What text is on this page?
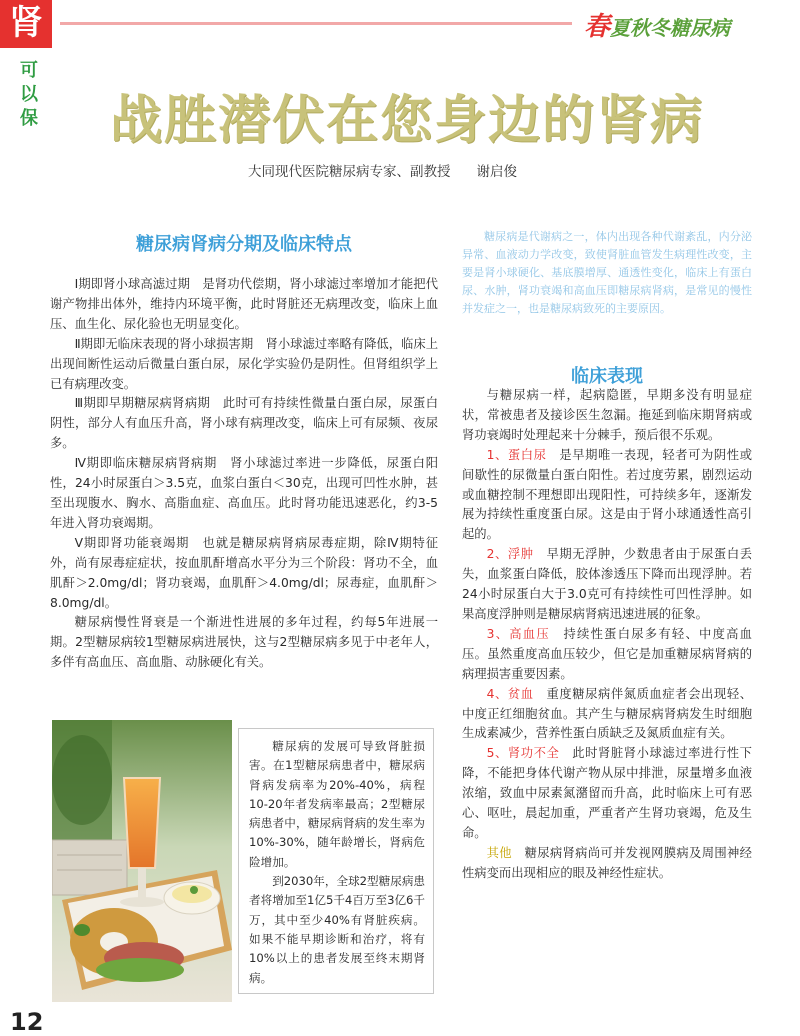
肾
可
以
保
春夏秋冬糖尿病
战胜潜伏在您身边的肾病
大同现代医院糖尿病专家、副教授 谢启俊
糖尿病肾病分期及临床特点

Ⅰ期即肾小球高滤过期　是肾功代偿期，肾小球滤过率增加才能把代谢产物排出体外，维持内环境平衡，此时肾脏还无病理改变，临床上血压、血生化、尿化验也无明显变化。

Ⅱ期即无临床表现的肾小球损害期　肾小球滤过率略有降低，临床上出现间断性运动后微量白蛋白尿，尿化学实验仍是阴性。但肾组织学上已有病理改变。

Ⅲ期即早期糖尿病肾病期　此时可有持续性微量白蛋白尿，尿蛋白阴性，部分人有血压升高，肾小球有病理改变，临床上可有尿频、夜尿多。

Ⅳ期即临床糖尿病肾病期　肾小球滤过率进一步降低，尿蛋白阳性，24小时尿蛋白＞3.5克，血浆白蛋白＜30克，出现可凹性水肿，甚至出现腹水、胸水、高脂血症、高血压。此时肾功能迅速恶化，约3-5年进入肾功衰竭期。

Ⅴ期即肾功能衰竭期　也就是糖尿病肾病尿毒症期，除Ⅳ期特征外，尚有尿毒症症状，按血肌酐增高水平分为三个阶段：肾功不全，血肌酐＞2.0mg/dl；肾功衰竭，血肌酐＞4.0mg/dl；尿毒症，血肌酐＞8.0mg/dl。

糖尿病慢性肾衰是一个渐进性进展的多年过程，约每5年进展一期。2型糖尿病较1型糖尿病进展快，这与2型糖尿病多见于中老年人，多伴有高血压、高血脂、动脉硬化有关。

糖尿病是代谢病之一，体内出现各种代谢紊乱，内分泌异常、血液动力学改变，致使肾脏血管发生病理性改变，主要是肾小球硬化、基底膜增厚、通透性变化，临床上有蛋白尿、水肿，肾功衰竭和高血压即糖尿病肾病，是常见的慢性并发症之一，也是糖尿病致死的主要原因。

临床表现

与糖尿病一样，起病隐匿，早期多没有明显症状，常被患者及接诊医生忽漏。拖延到临床期肾病或肾功衰竭时处理起来十分棘手，预后很不乐观。

1、蛋白尿　 是早期唯一表现，轻者可为阴性或间歇性的尿微量白蛋白阳性。若过度劳累，剧烈运动或血糖控制不理想即出现阳性，可持续多年，逐渐发展为持续性重度蛋白尿。这是由于肾小球通透性高引起的。

2、浮肿　 早期无浮肿，少数患者由于尿蛋白丢失，血浆蛋白降低，胶体渗透压下降而出现浮肿。若24小时尿蛋白大于3.0克可有持续性可凹性浮肿。如果高度浮肿则是糖尿病肾病迅速进展的征象。

3、高血压　 持续性蛋白尿多有轻、中度高血压。虽然重度高血压较少，但它是加重糖尿病肾病的病理损害重要因素。

4、贫血　 重度糖尿病伴氮质血症者会出现轻、中度正红细胞贫血。其产生与糖尿病肾病发生时细胞生成素减少，营养性蛋白质缺乏及氮质血症有关。

5、肾功不全　 此时肾脏肾小球滤过率进行性下降，不能把身体代谢产物从尿中排泄，尿量增多血液浓缩，致血中尿素氮潴留而升高，此时临床上可有恶心、呕吐，晨起加重，严重者产生肾功衰竭，危及生命。

其他　 糖尿病肾病尚可并发视网膜病及周围神经性病变而出现相应的眼及神经性症状。

糖尿病的发展可导致肾脏损害。在1型糖尿病患者中，糖尿病肾病发病率为20%-40%，病程10-20年者发病率最高；2型糖尿病患者中，糖尿病肾病的发生率为10%-30%，随年龄增长，肾病危险增加。

到2030年，全球2型糖尿病患者将增加至1亿5千4百万至3亿6千万，其中至少40%有肾脏疾病。如果不能早期诊断和治疗，将有10%以上的患者发展至终末期肾病。

12
